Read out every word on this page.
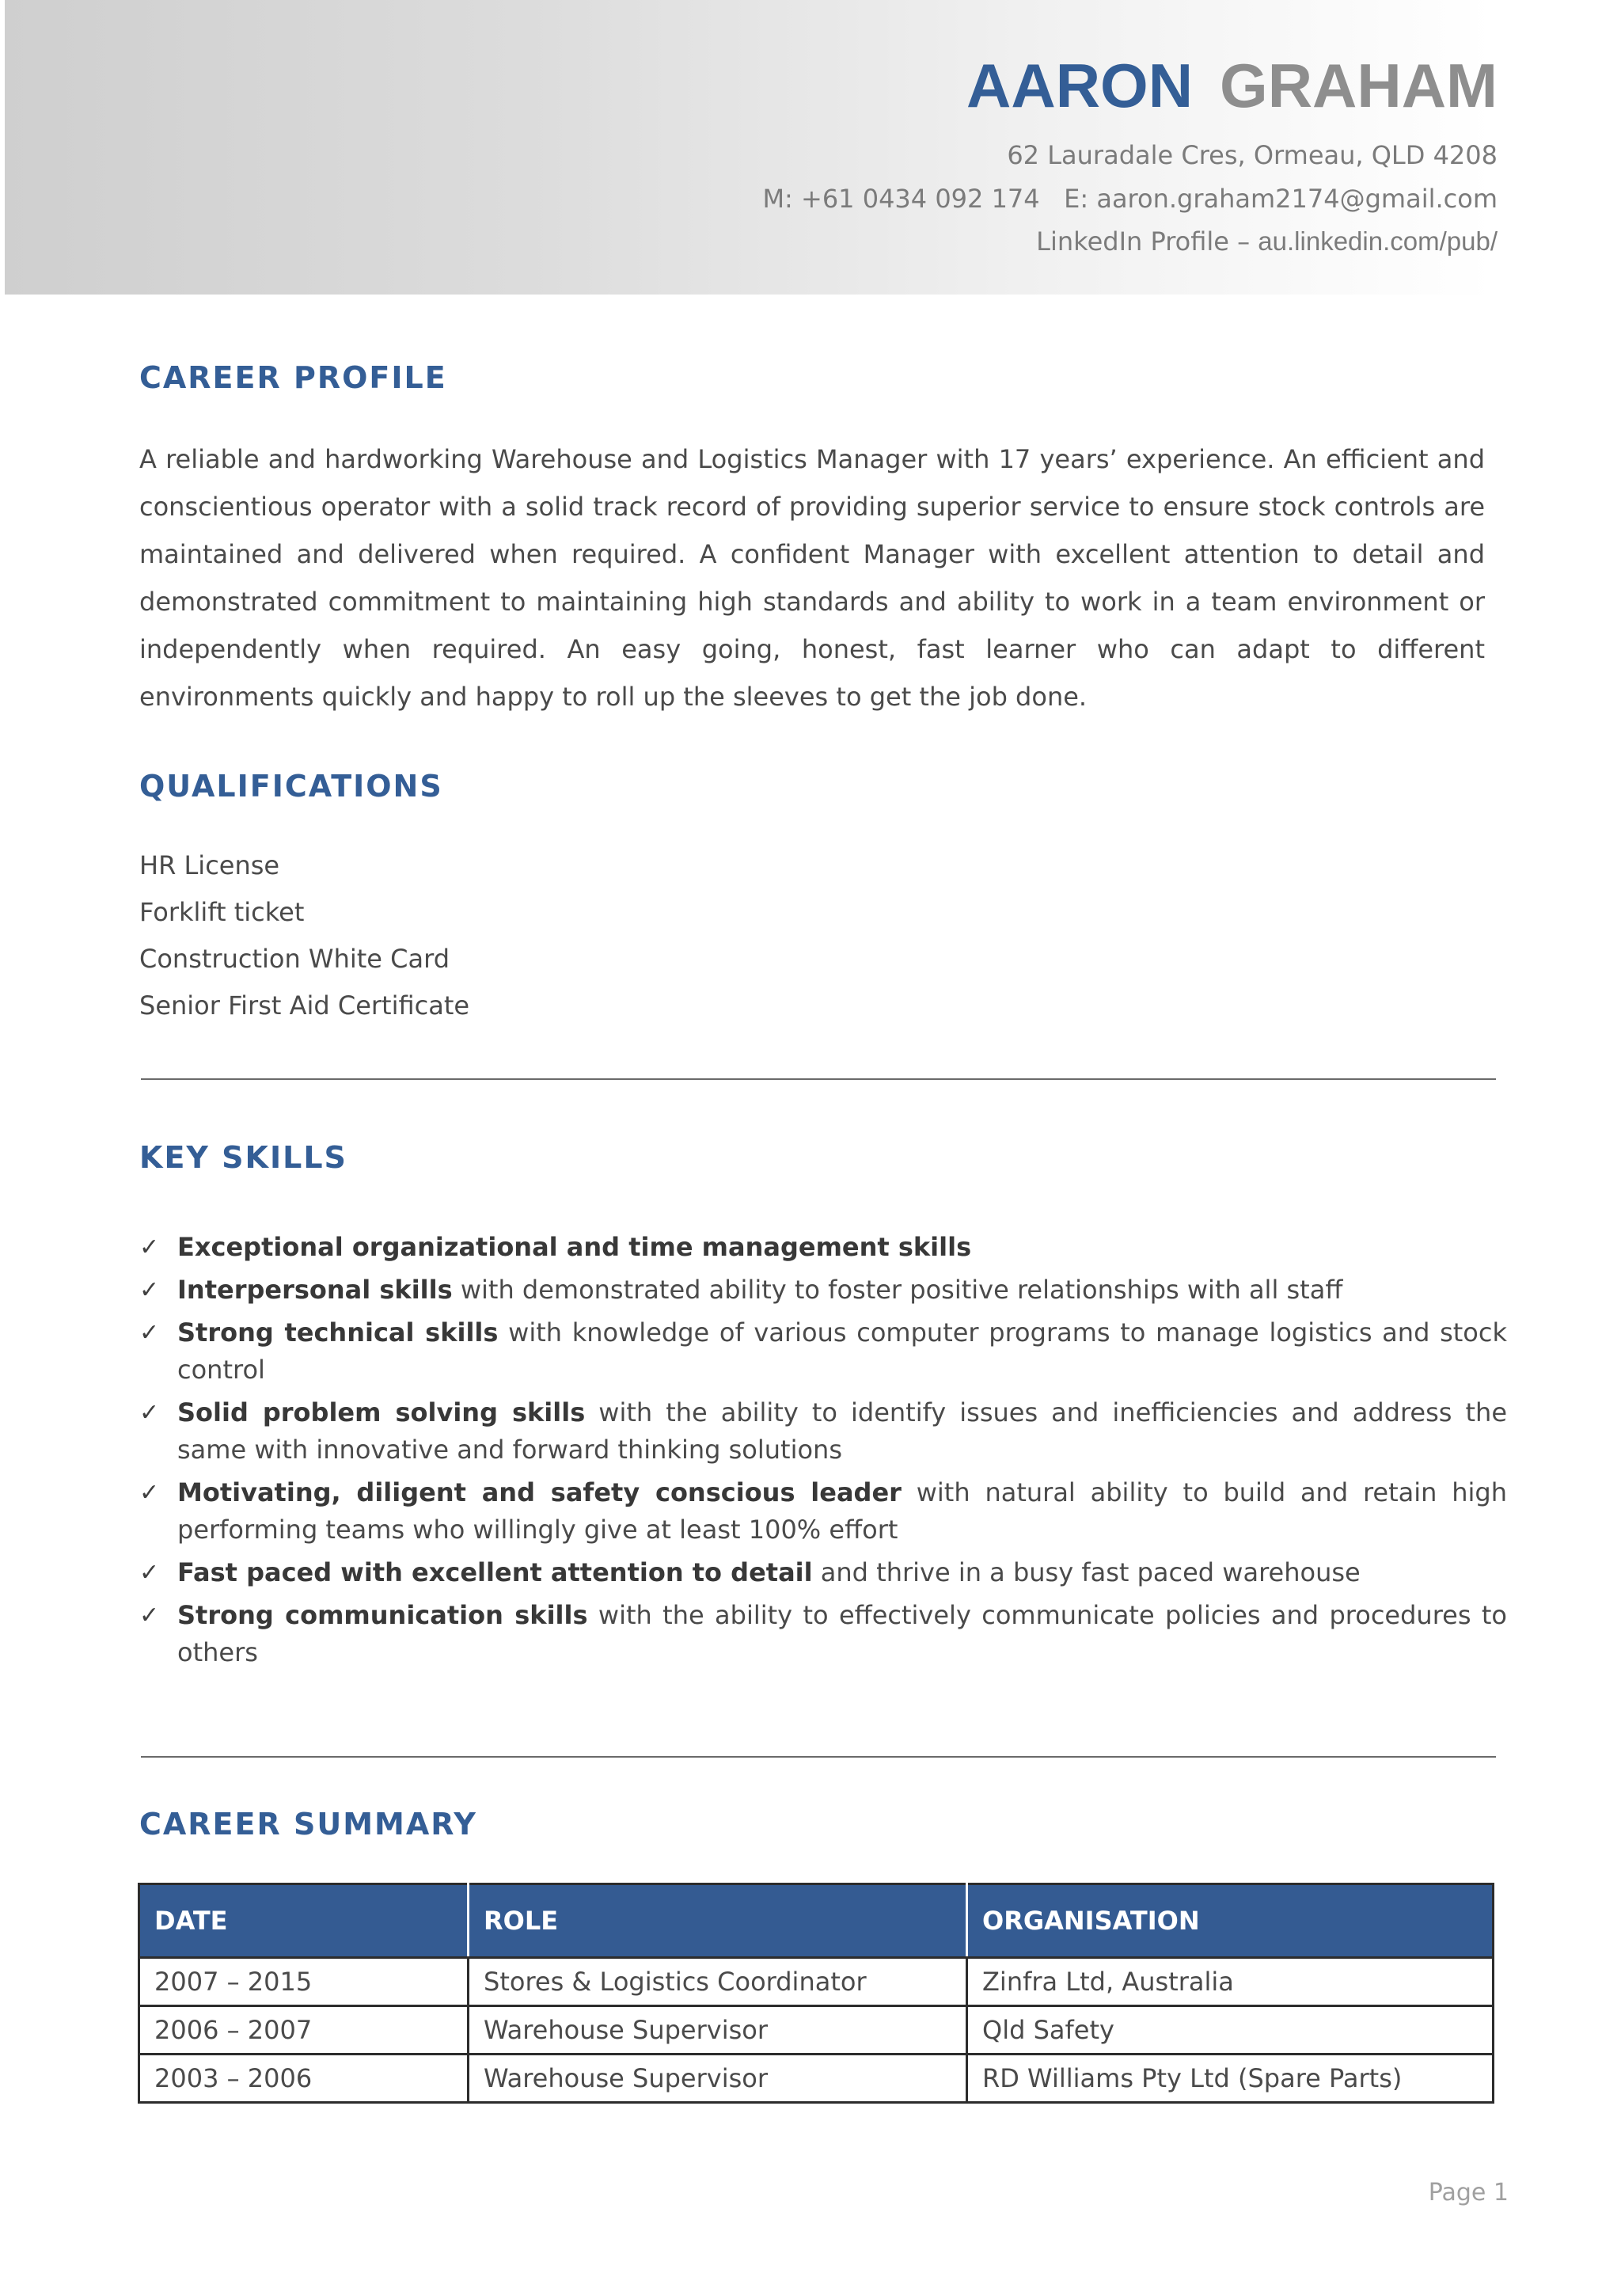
AARON GRAHAM
62 Lauradale Cres, Ormeau, QLD 4208
M: +61 0434 092 174 E: aaron.graham2174@gmail.com
LinkedIn Profile – au.linkedin.com/pub/
CAREER PROFILE

A reliable and hardworking Warehouse and Logistics Manager with 17 years’ experience. An efficient and conscientious operator with a solid track record of providing superior service to ensure stock controls are maintained and delivered when required. A confident Manager with excellent attention to detail and demonstrated commitment to maintaining high standards and ability to work in a team environment or independently when required. An easy going, honest, fast learner who can adapt to different environments quickly and happy to roll up the sleeves to get the job done.

QUALIFICATIONS
HR License
Forklift ticket
Construction White Card
Senior First Aid Certificate
KEY SKILLS
✓ Exceptional organizational and time management skills
✓ Interpersonal skills with demonstrated ability to foster positive relationships with all staff
✓ Strong technical skills with knowledge of various computer programs to manage logistics and stock control
✓ Solid problem solving skills with the ability to identify issues and inefficiencies and address the same with innovative and forward thinking solutions
✓ Motivating, diligent and safety conscious leader with natural ability to build and retain high performing teams who willingly give at least 100% effort
✓ Fast paced with excellent attention to detail and thrive in a busy fast paced warehouse
✓ Strong communication skills with the ability to effectively communicate policies and procedures to others
CAREER SUMMARY
DATE	ROLE	ORGANISATION
2007 – 2015	Stores & Logistics Coordinator	Zinfra Ltd, Australia
2006 – 2007	Warehouse Supervisor	Qld Safety
2003 – 2006	Warehouse Supervisor	RD Williams Pty Ltd (Spare Parts)
Page 1
